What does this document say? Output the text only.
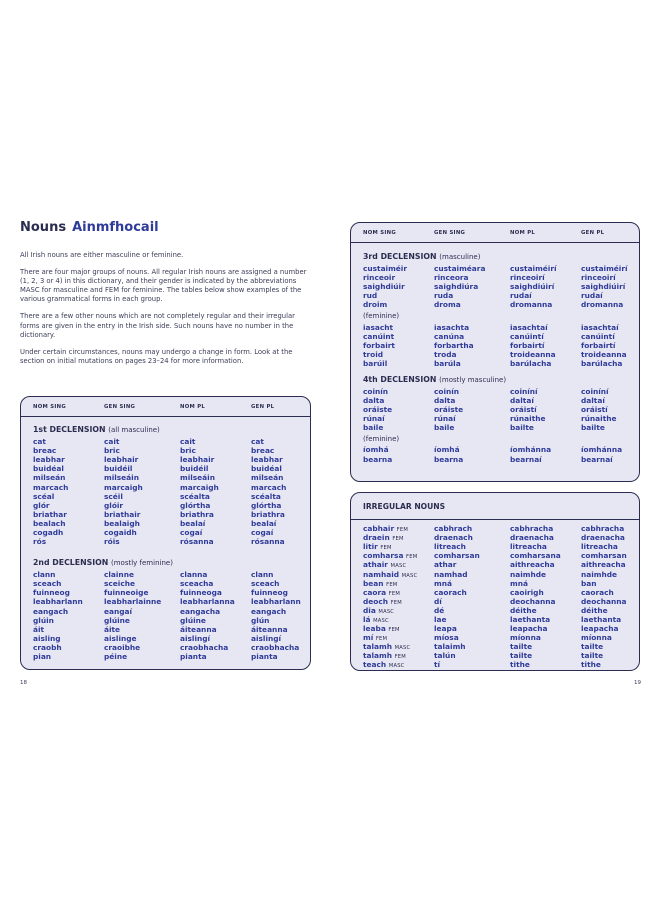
Nouns Ainmfhocail

All Irish nouns are either masculine or feminine.

There are four major groups of nouns. All regular Irish nouns are assigned a number (1, 2, 3 or 4) in this dictionary, and their gender is indicated by the abbreviations MASC for masculine and FEM for feminine. The tables below show examples of the various grammatical forms in each group.

There are a few other nouns which are not completely regular and their irregular forms are given in the entry in the Irish side. Such nouns have no number in the dictionary.

Under certain circumstances, nouns may undergo a change in form. Look at the section on initial mutations on pages 23–24 for more information.

NOM SING	GEN SING	NOM PL	GEN PL
1st DECLENSION (all masculine)
cat	cait	cait	cat
breac	bric	bric	breac
leabhar	leabhair	leabhair	leabhar
buidéal	buidéil	buidéil	buidéal
milseán	milseáin	milseáin	milseán
marcach	marcaigh	marcaigh	marcach
scéal	scéil	scéalta	scéalta
glór	glóir	glórtha	glórtha
briathar	briathair	briathra	briathra
bealach	bealaigh	bealaí	bealaí
cogadh	cogaidh	cogaí	cogaí
rós	róis	rósanna	rósanna
2nd DECLENSION (mostly feminine)
clann	clainne	clanna	clann
sceach	sceiche	sceacha	sceach
fuinneog	fuinneoige	fuinneoga	fuinneog
leabharlann	leabharlainne	leabharlanna	leabharlann
eangach	eangaí	eangacha	eangach
glúin	glúine	glúine	glún
áit	áite	áiteanna	áiteanna
aisling	aislinge	aislingí	aislingí
craobh	craoibhe	craobhacha	craobhacha
pian	péine	pianta	pianta
NOM SING	GEN SING	NOM PL	GEN PL
3rd DECLENSION (masculine)
custaiméir	custaiméara	custaiméirí	custaiméirí
rinceoir	rinceora	rinceoirí	rinceoirí
saighdiúir	saighdiúra	saighdiúirí	saighdiúirí
rud	ruda	rudaí	rudaí
droim	droma	dromanna	dromanna
(feminine)
iasacht	iasachta	iasachtaí	iasachtaí
canúint	canúna	canúintí	canúintí
forbairt	forbartha	forbairtí	forbairtí
troid	troda	troideanna	troideanna
barúil	barúla	barúlacha	barúlacha
4th DECLENSION (mostly masculine)
coinín	coinín	coiníní	coiníní
dalta	dalta	daltaí	daltaí
oráiste	oráiste	oráistí	oráistí
rúnaí	rúnaí	rúnaithe	rúnaithe
baile	baile	bailte	bailte
(feminine)
íomhá	íomhá	íomhánna	íomhánna
bearna	bearna	bearnaí	bearnaí
IRREGULAR NOUNS
cabhair FEM	cabhrach	cabhracha	cabhracha
draein FEM	draenach	draenacha	draenacha
litir FEM	litreach	litreacha	litreacha
comharsa FEM	comharsan	comharsana	comharsan
athair MASC	athar	aithreacha	aithreacha
namhaid MASC	namhad	naimhde	naimhde
bean FEM	mná	mná	ban
caora FEM	caorach	caoirigh	caorach
deoch FEM	dí	deochanna	deochanna
dia MASC	dé	déithe	déithe
lá MASC	lae	laethanta	laethanta
leaba FEM	leapa	leapacha	leapacha
mí FEM	míosa	míonna	míonna
talamh MASC	talaimh	tailte	tailte
talamh FEM	talún	tailte	tailte
teach MASC	tí	tithe	tithe
18	19
